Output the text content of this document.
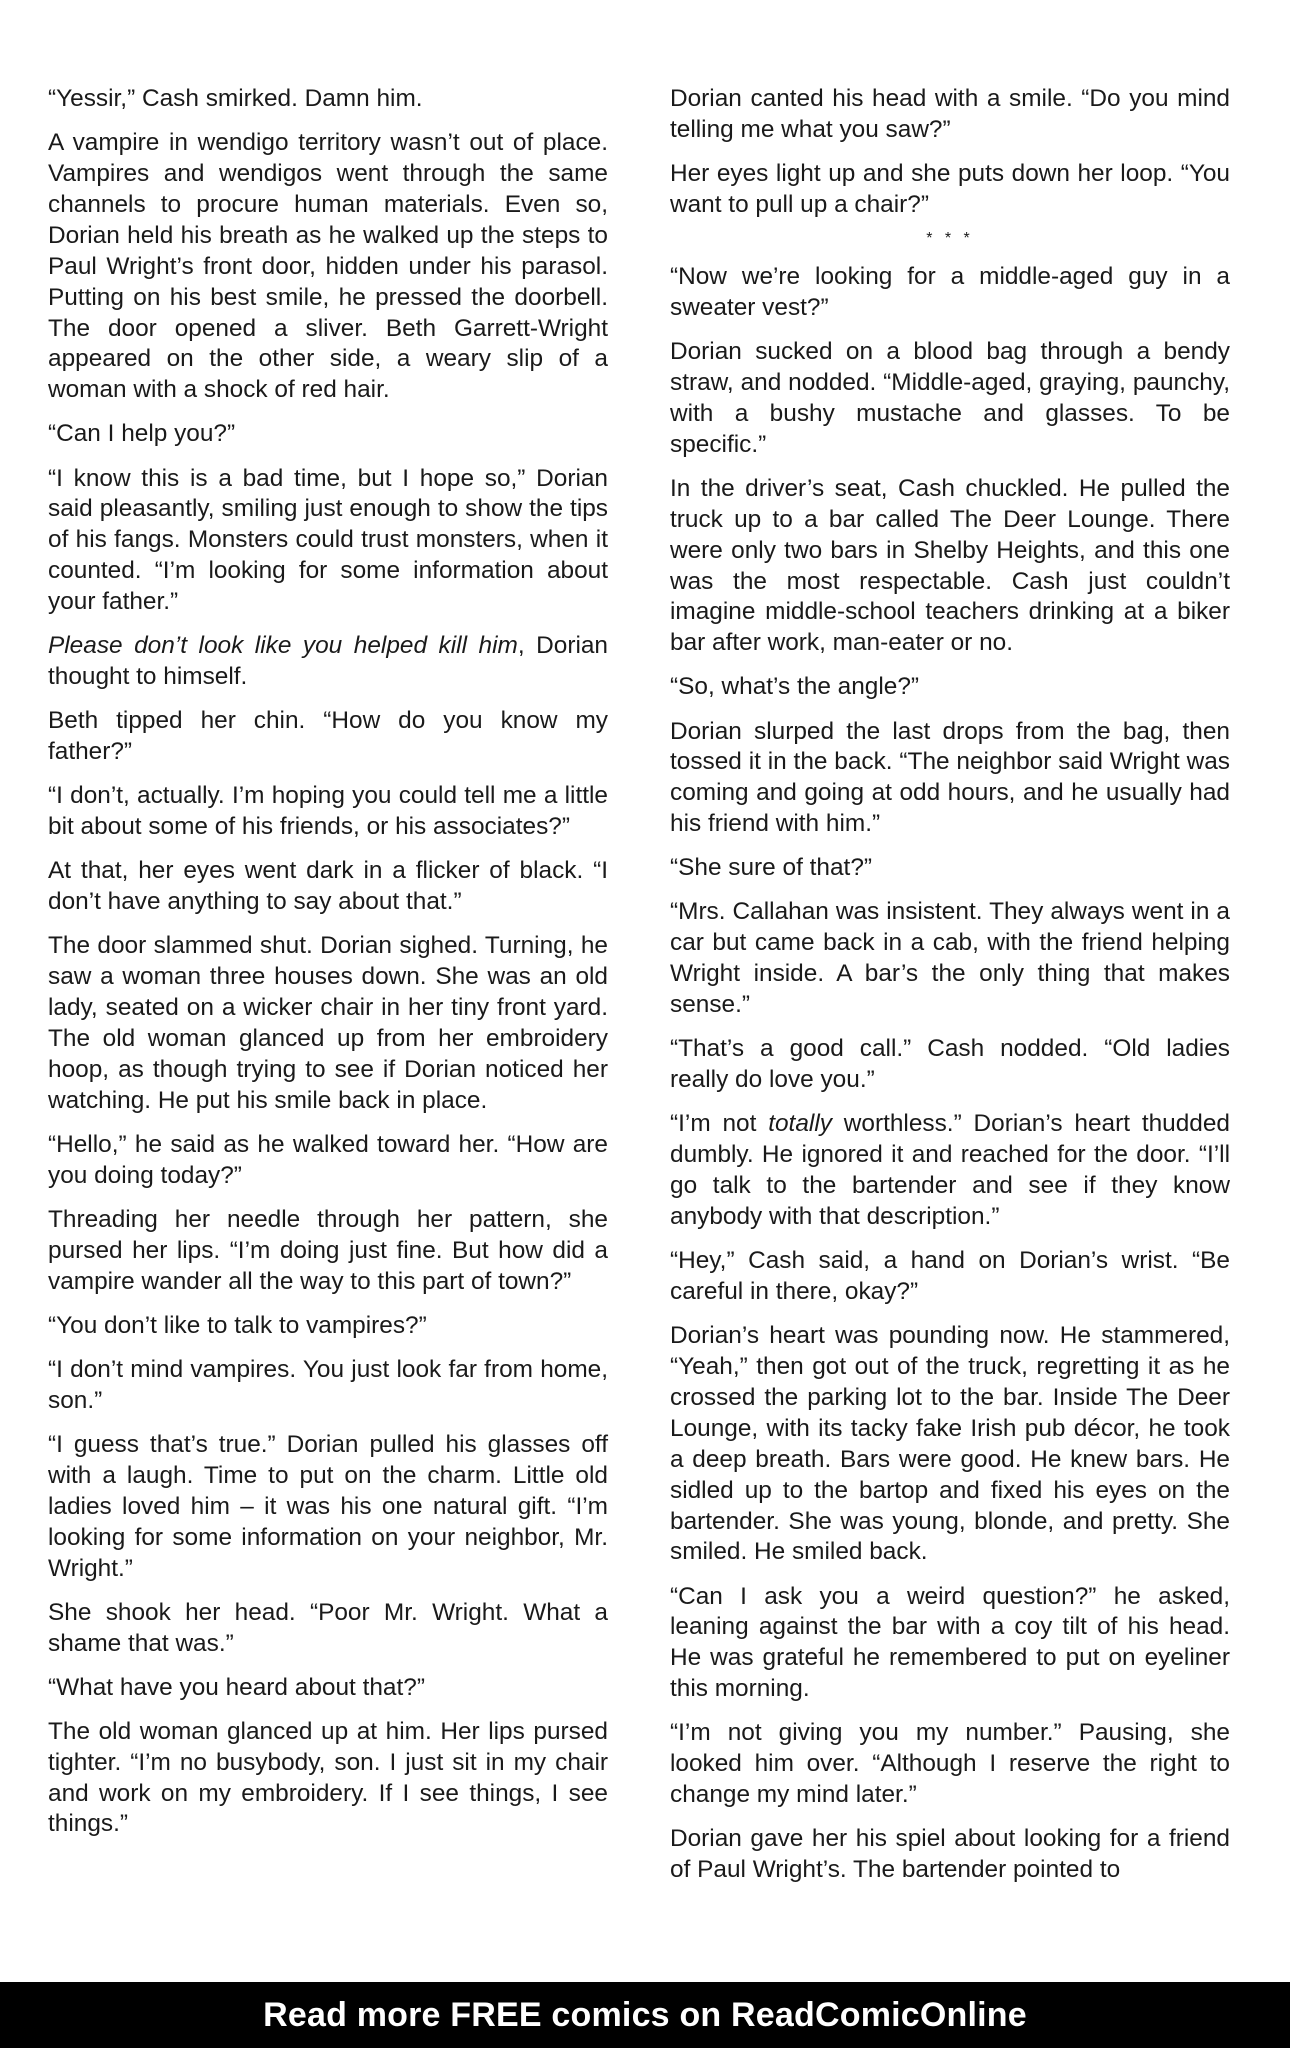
“Yessir,” Cash smirked. Damn him.

A vampire in wendigo territory wasn’t out of place. Vampires and wendigos went through the same channels to procure human materials. Even so, Dorian held his breath as he walked up the steps to Paul Wright’s front door, hidden under his parasol. Putting on his best smile, he pressed the doorbell. The door opened a sliver. Beth Garrett-Wright appeared on the other side, a weary slip of a woman with a shock of red hair.

“Can I help you?”

“I know this is a bad time, but I hope so,” Dorian said pleasantly, smiling just enough to show the tips of his fangs. Monsters could trust monsters, when it counted. “I’m looking for some information about your father.”

Please don’t look like you helped kill him, Dorian thought to himself.

Beth tipped her chin. “How do you know my father?”

“I don’t, actually. I’m hoping you could tell me a little bit about some of his friends, or his associates?”

At that, her eyes went dark in a flicker of black. “I don’t have anything to say about that.”

The door slammed shut. Dorian sighed. Turning, he saw a woman three houses down. She was an old lady, seated on a wicker chair in her tiny front yard. The old woman glanced up from her embroidery hoop, as though trying to see if Dorian noticed her watching. He put his smile back in place.

“Hello,” he said as he walked toward her. “How are you doing today?”

Threading her needle through her pattern, she pursed her lips. “I’m doing just fine. But how did a vampire wander all the way to this part of town?”

“You don’t like to talk to vampires?”

“I don’t mind vampires. You just look far from home, son.”

“I guess that’s true.” Dorian pulled his glasses off with a laugh. Time to put on the charm. Little old ladies loved him – it was his one natural gift. “I’m looking for some information on your neighbor, Mr. Wright.”

She shook her head. “Poor Mr. Wright. What a shame that was.”

“What have you heard about that?”

The old woman glanced up at him. Her lips pursed tighter. “I’m no busybody, son. I just sit in my chair and work on my embroidery. If I see things, I see things.”

Dorian canted his head with a smile. “Do you mind telling me what you saw?”

Her eyes light up and she puts down her loop. “You want to pull up a chair?”

* * *

“Now we’re looking for a middle-aged guy in a sweater vest?”

Dorian sucked on a blood bag through a bendy straw, and nodded. “Middle-aged, graying, paunchy, with a bushy mustache and glasses. To be specific.”

In the driver’s seat, Cash chuckled. He pulled the truck up to a bar called The Deer Lounge. There were only two bars in Shelby Heights, and this one was the most respectable. Cash just couldn’t imagine middle-school teachers drinking at a biker bar after work, man-eater or no.

“So, what’s the angle?”

Dorian slurped the last drops from the bag, then tossed it in the back. “The neighbor said Wright was coming and going at odd hours, and he usually had his friend with him.”

“She sure of that?”

“Mrs. Callahan was insistent. They always went in a car but came back in a cab, with the friend helping Wright inside. A bar’s the only thing that makes sense.”

“That’s a good call.” Cash nodded. “Old ladies really do love you.”

“I’m not totally worthless.” Dorian’s heart thudded dumbly. He ignored it and reached for the door. “I’ll go talk to the bartender and see if they know anybody with that description.”

“Hey,” Cash said, a hand on Dorian’s wrist. “Be careful in there, okay?”

Dorian’s heart was pounding now. He stammered, “Yeah,” then got out of the truck, regretting it as he crossed the parking lot to the bar. Inside The Deer Lounge, with its tacky fake Irish pub décor, he took a deep breath. Bars were good. He knew bars. He sidled up to the bartop and fixed his eyes on the bartender. She was young, blonde, and pretty. She smiled. He smiled back.

“Can I ask you a weird question?” he asked, leaning against the bar with a coy tilt of his head. He was grateful he remembered to put on eyeliner this morning.

“I’m not giving you my number.” Pausing, she looked him over. “Although I reserve the right to change my mind later.”

Dorian gave her his spiel about looking for a friend of Paul Wright’s. The bartender pointed to

Read more FREE comics on ReadComicOnline
